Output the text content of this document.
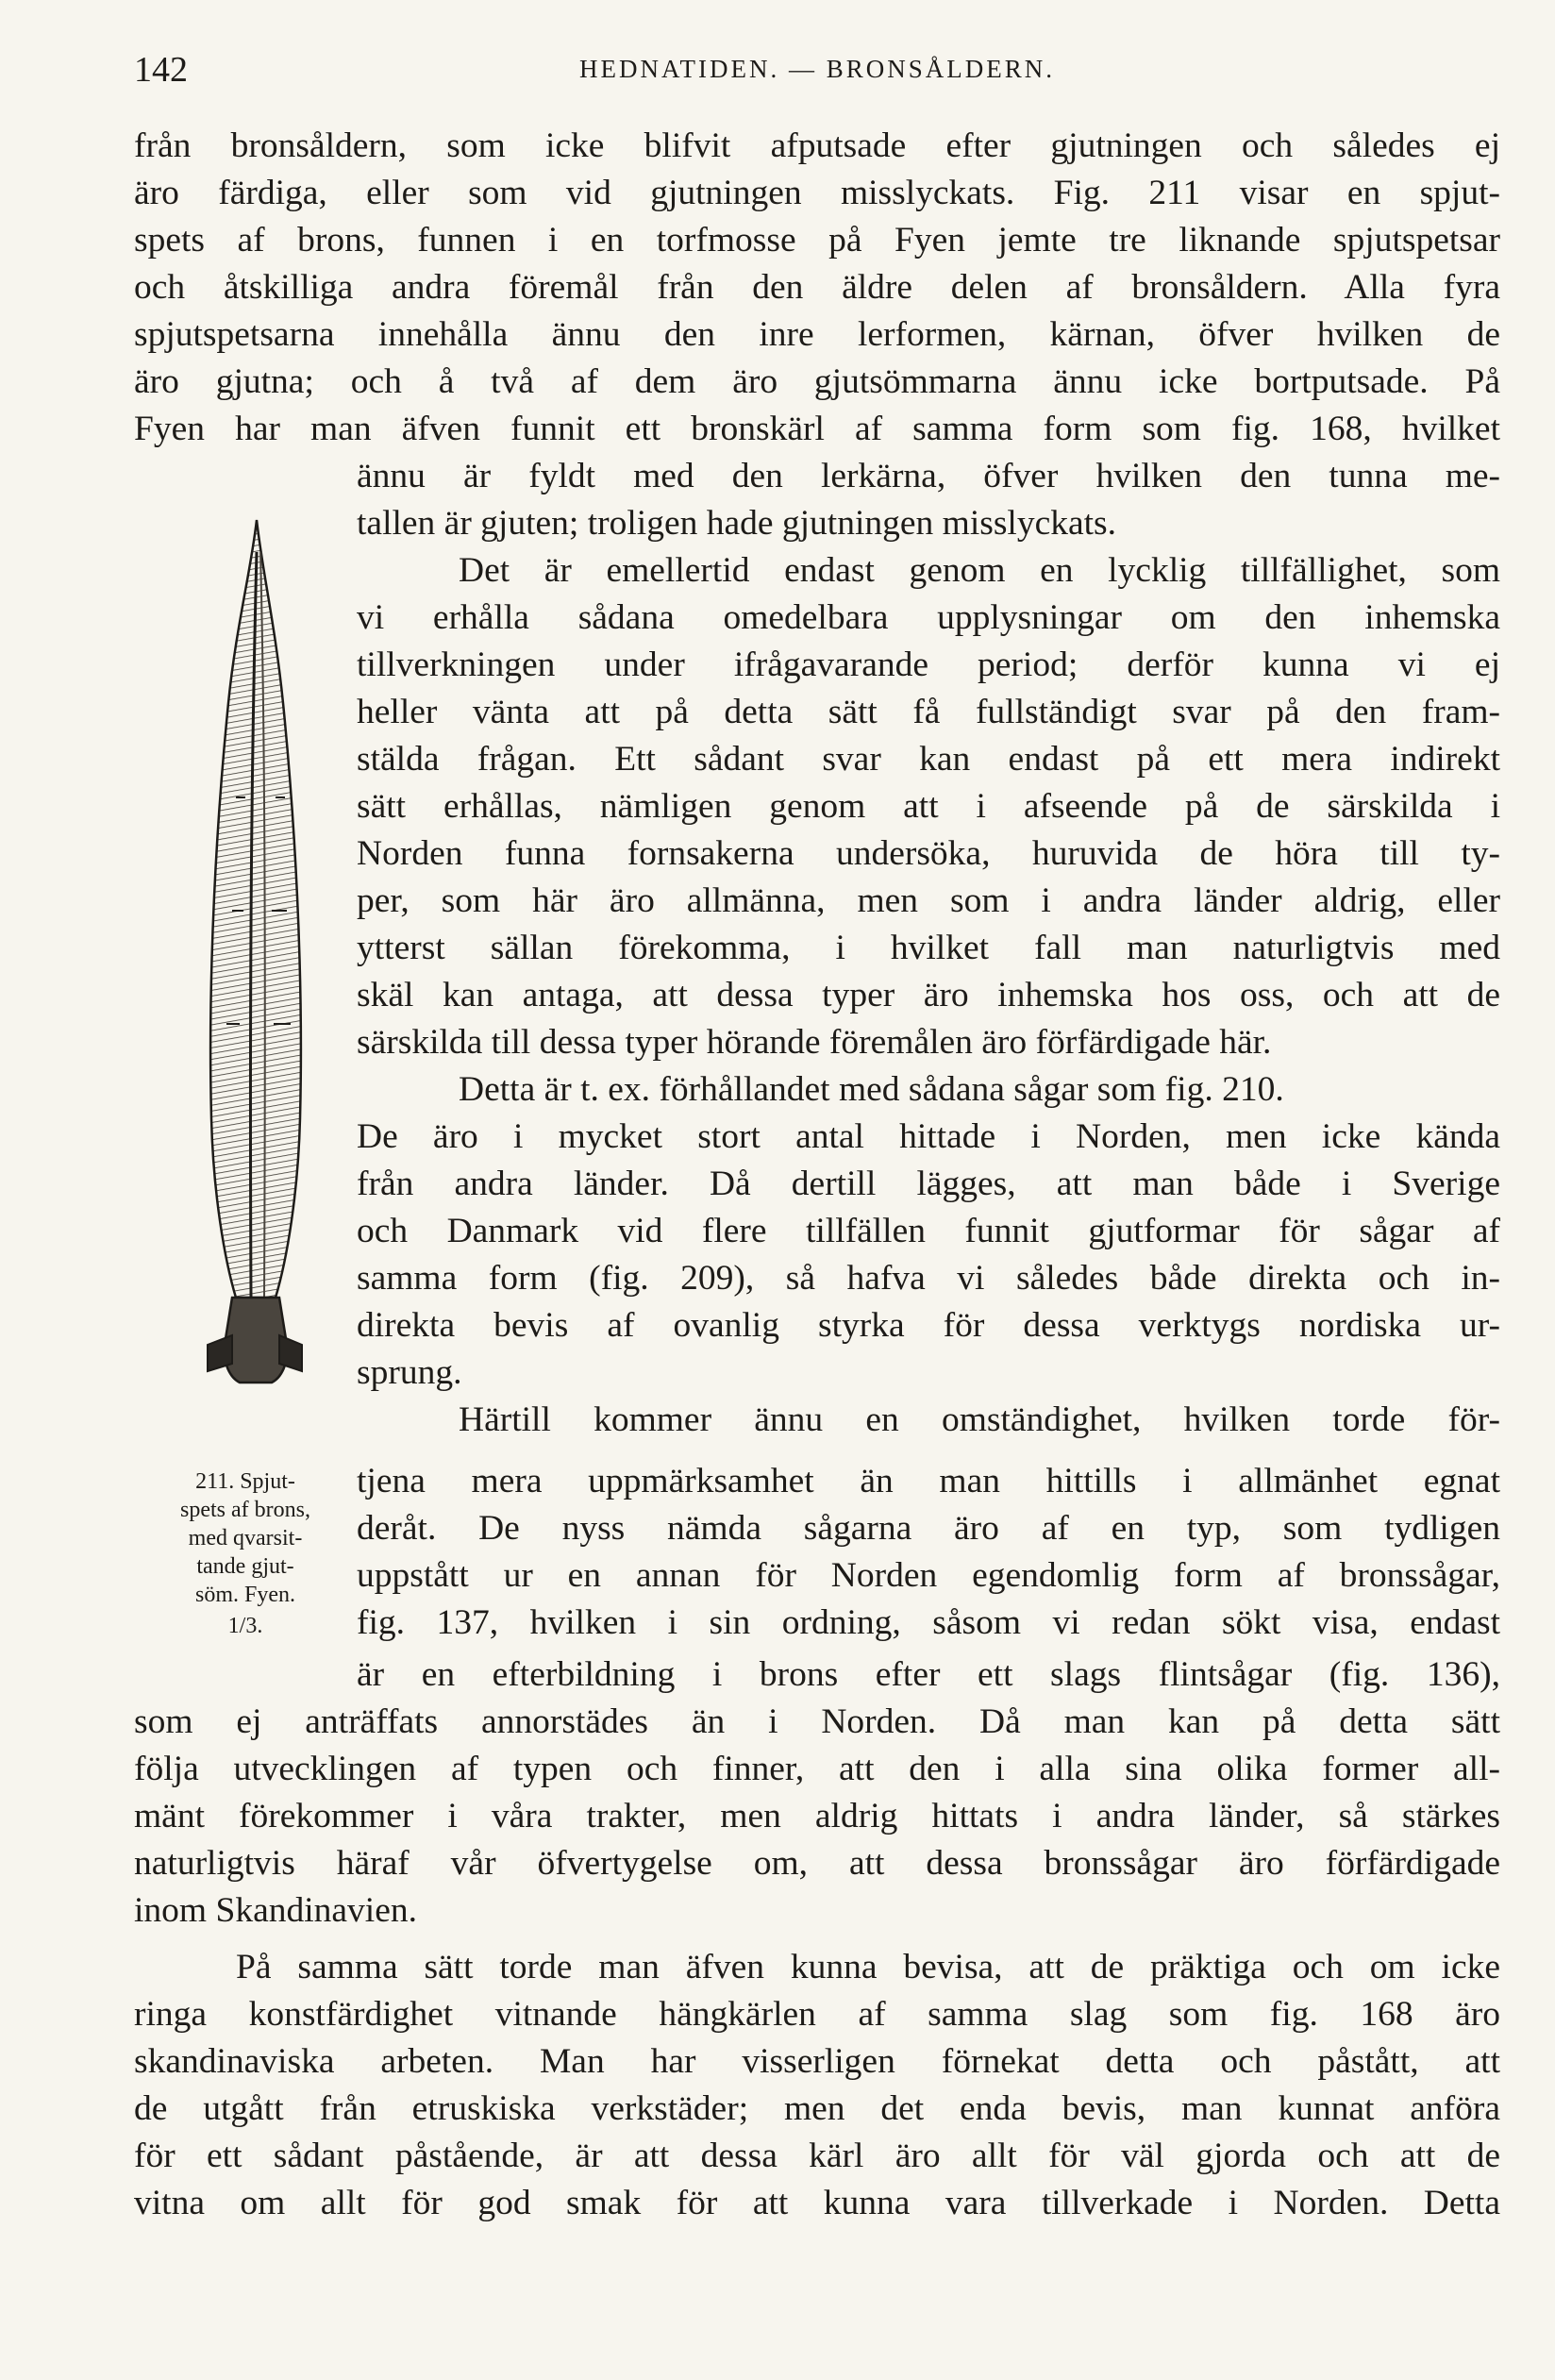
142	HEDNATIDEN. — BRONSÅLDERN.
211. Spjut-
spets af brons,
med qvarsit-
tande gjut-
söm. Fyen.
1/3.
från bronsåldern, som icke blifvit afputsade efter gjutningen och således ej
äro färdiga, eller som vid gjutningen misslyckats. Fig. 211 visar en spjut-
spets af brons, funnen i en torfmosse på Fyen jemte tre liknande spjutspetsar
och åtskilliga andra föremål från den äldre delen af bronsåldern. Alla fyra
spjutspetsarna innehålla ännu den inre lerformen, kärnan, öfver hvilken de
äro gjutna; och å två af dem äro gjutsömmarna ännu icke bortputsade. På
Fyen har man äfven funnit ett bronskärl af samma form som fig. 168, hvilket
ännu är fyldt med den lerkärna, öfver hvilken den tunna me-
tallen är gjuten; troligen hade gjutningen misslyckats.
Det är emellertid endast genom en lycklig tillfällighet, som
vi erhålla sådana omedelbara upplysningar om den inhemska
tillverkningen under ifrågavarande period; derför kunna vi ej
heller vänta att på detta sätt få fullständigt svar på den fram-
stälda frågan. Ett sådant svar kan endast på ett mera indirekt
sätt erhållas, nämligen genom att i afseende på de särskilda i
Norden funna fornsakerna undersöka, huruvida de höra till ty-
per, som här äro allmänna, men som i andra länder aldrig, eller
ytterst sällan förekomma, i hvilket fall man naturligtvis med
skäl kan antaga, att dessa typer äro inhemska hos oss, och att de
särskilda till dessa typer hörande föremålen äro förfärdigade här.
Detta är t. ex. förhållandet med sådana sågar som fig. 210.
De äro i mycket stort antal hittade i Norden, men icke kända
från andra länder. Då dertill lägges, att man både i Sverige
och Danmark vid flere tillfällen funnit gjutformar för sågar af
samma form (fig. 209), så hafva vi således både direkta och in-
direkta bevis af ovanlig styrka för dessa verktygs nordiska ur-
sprung.
Härtill kommer ännu en omständighet, hvilken torde för-
tjena mera uppmärksamhet än man hittills i allmänhet egnat
deråt. De nyss nämda sågarna äro af en typ, som tydligen
uppstått ur en annan för Norden egendomlig form af bronssågar,
fig. 137, hvilken i sin ordning, såsom vi redan sökt visa, endast
är en efterbildning i brons efter ett slags flintsågar (fig. 136),
som ej anträffats annorstädes än i Norden. Då man kan på detta sätt
följa utvecklingen af typen och finner, att den i alla sina olika former all-
mänt förekommer i våra trakter, men aldrig hittats i andra länder, så stärkes
naturligtvis häraf vår öfvertygelse om, att dessa bronssågar äro förfärdigade
inom Skandinavien.
På samma sätt torde man äfven kunna bevisa, att de präktiga och om icke
ringa konstfärdighet vitnande hängkärlen af samma slag som fig. 168 äro
skandinaviska arbeten. Man har visserligen förnekat detta och påstått, att
de utgått från etruskiska verkstäder; men det enda bevis, man kunnat anföra
för ett sådant påstående, är att dessa kärl äro allt för väl gjorda och att de
vitna om allt för god smak för att kunna vara tillverkade i Norden. Detta
